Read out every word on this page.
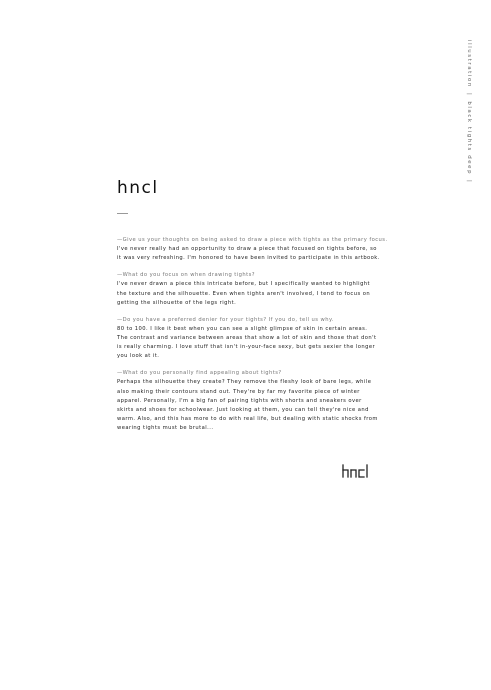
illustration|black tights deep|
hncl

—Give us your thoughts on being asked to draw a piece with tights as the primary focus.

I've never really had an opportunity to draw a piece that focused on tights before, so
it was very refreshing. I'm honored to have been invited to participate in this artbook.

—What do you focus on when drawing tights?

I've never drawn a piece this intricate before, but I specifically wanted to highlight
the texture and the silhouette. Even when tights aren't involved, I tend to focus on
getting the silhouette of the legs right.

—Do you have a preferred denier for your tights? If you do, tell us why.

80 to 100. I like it best when you can see a slight glimpse of skin in certain areas.
The contrast and variance between areas that show a lot of skin and those that don't
is really charming. I love stuff that isn't in-your-face sexy, but gets sexier the longer
you look at it.

—What do you personally find appealing about tights?

Perhaps the silhouette they create? They remove the fleshy look of bare legs, while
also making their contours stand out. They're by far my favorite piece of winter
apparel. Personally, I'm a big fan of pairing tights with shorts and sneakers over
skirts and shoes for schoolwear. Just looking at them, you can tell they're nice and
warm. Also, and this has more to do with real life, but dealing with static shocks from
wearing tights must be brutal...
